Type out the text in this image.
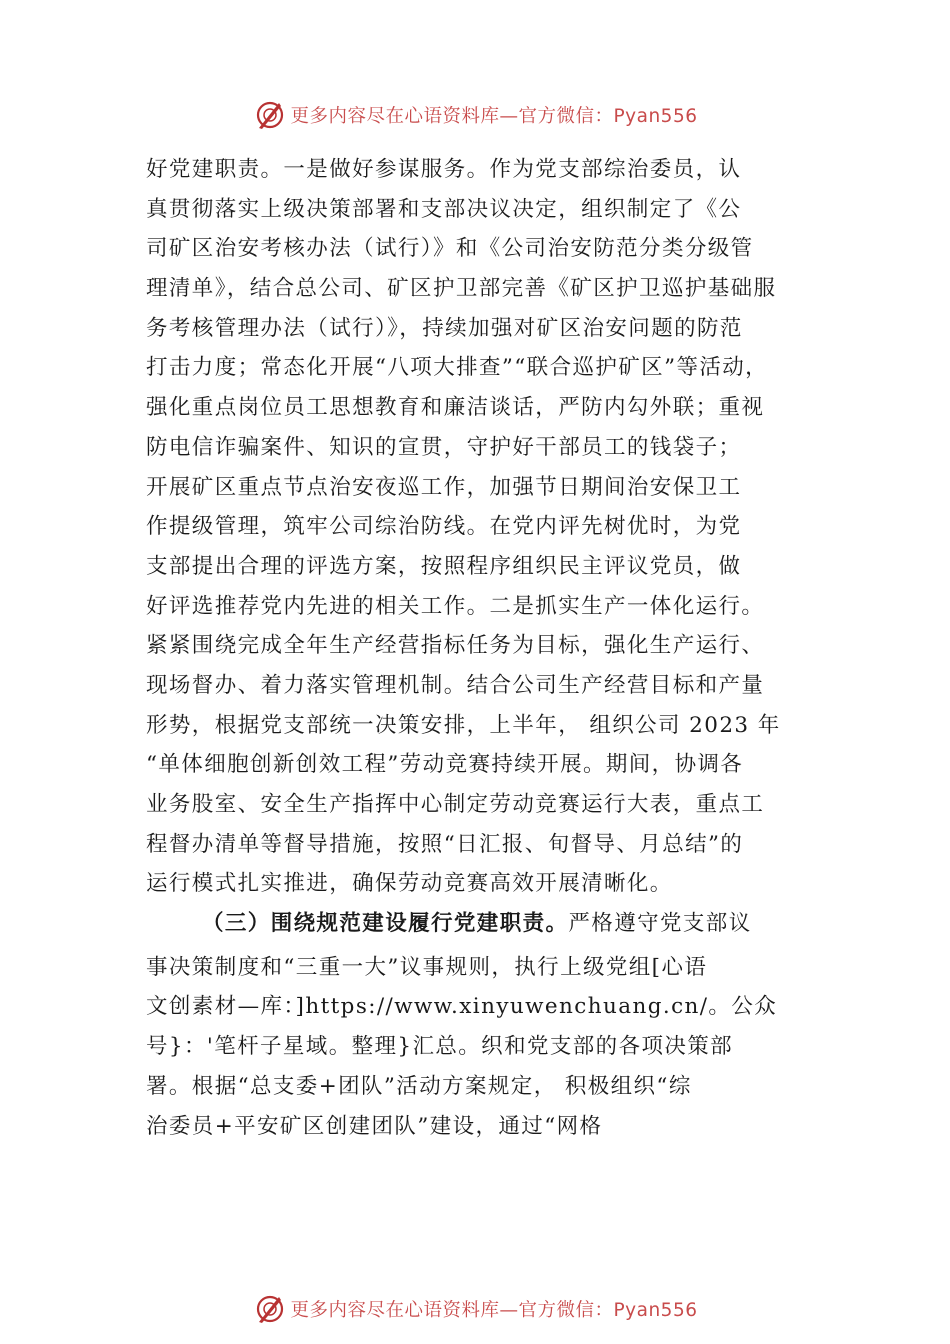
更多内容尽在心语资料库—官方微信：Pyan556
好党建职责。一是做好参谋服务。作为党支部综治委员，认
真贯彻落实上级决策部署和支部决议决定，组织制定了《公
司矿区治安考核办法（试行）》和《公司治安防范分类分级管
理清单》，结合总公司、矿区护卫部完善《矿区护卫巡护基础服
务考核管理办法（试行）》，持续加强对矿区治安问题的防范
打击力度；常态化开展“八项大排查”“联合巡护矿区”等活动，
强化重点岗位员工思想教育和廉洁谈话，严防内勾外联；重视
防电信诈骗案件、知识的宣贯，守护好干部员工的钱袋子；
开展矿区重点节点治安夜巡工作，加强节日期间治安保卫工
作提级管理，筑牢公司综治防线。在党内评先树优时，为党
支部提出合理的评选方案，按照程序组织民主评议党员，做
好评选推荐党内先进的相关工作。二是抓实生产一体化运行。
紧紧围绕完成全年生产经营指标任务为目标，强化生产运行、
现场督办、着力落实管理机制。结合公司生产经营目标和产量
形势，根据党支部统一决策安排，上半年， 组织公司 2023 年
“单体细胞创新创效工程”劳动竞赛持续开展。期间，协调各
业务股室、安全生产指挥中心制定劳动竞赛运行大表，重点工
程督办清单等督导措施，按照“日汇报、旬督导、月总结”的
运行模式扎实推进，确保劳动竞赛高效开展清晰化。
（三）围绕规范建设履行党建职责。严格遵守党支部议
事决策制度和“三重一大”议事规则，执行上级党组[心语
文创素材—库：]https://www.xinyuwenchuang.cn/。公众
号}：'笔杆子星域。整理}汇总。织和党支部的各项决策部
署。根据“总支委+团队”活动方案规定， 积极组织“综
治委员+平安矿区创建团队”建设，通过“网格
更多内容尽在心语资料库—官方微信：Pyan556
